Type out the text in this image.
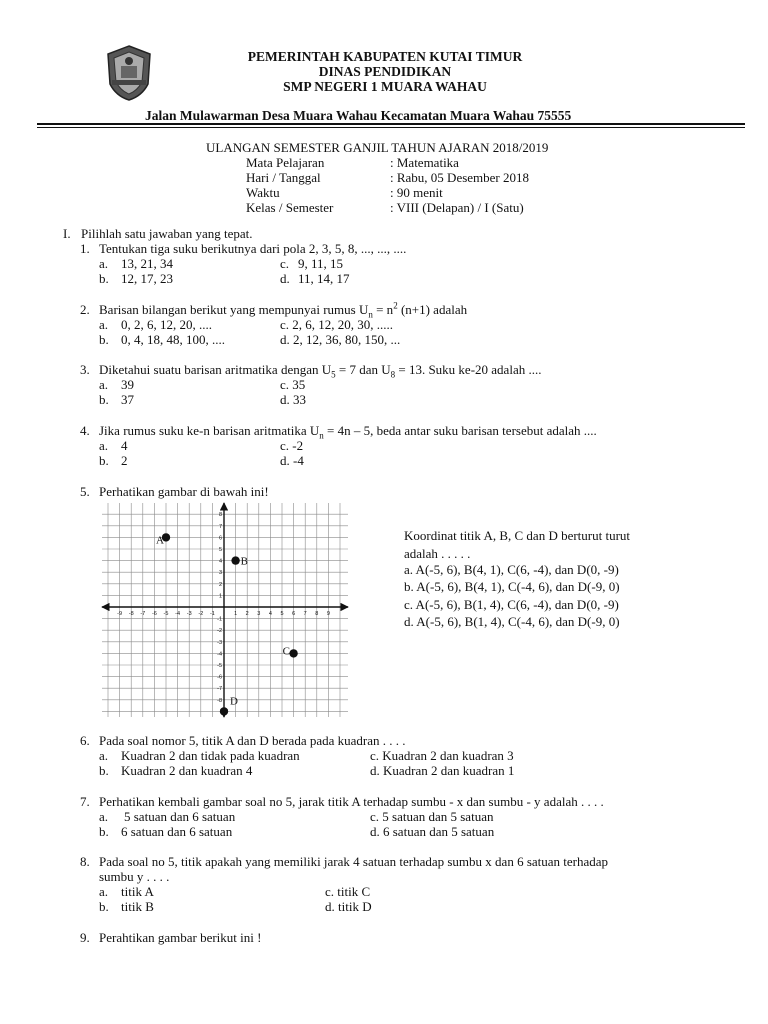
PEMERINTAH KABUPATEN KUTAI TIMUR
DINAS PENDIDIKAN
SMP NEGERI 1 MUARA WAHAU
Jalan Mulawarman Desa Muara Wahau Kecamatan Muara Wahau 75555
ULANGAN SEMESTER GANJIL TAHUN AJARAN 2018/2019
Mata Pelajaran	: Matematika
Hari / Tanggal	: Rabu, 05 Desember 2018
Waktu	: 90 menit
Kelas / Semester	: VIII (Delapan) / I (Satu)
I. Pilihlah satu jawaban yang tepat.
1. Tentukan tiga suku berikutnya dari pola 2, 3, 5, 8, ..., ..., ....
a. 13, 21, 34	c. 9, 11, 15
b. 12, 17, 23	d. 11, 14, 17
2. Barisan bilangan berikut yang mempunyai rumus $U_n = n^2$ (n+1) adalah
a. 0, 2, 6, 12, 20, ....	c. 2, 6, 12, 20, 30, .....
b. 0, 4, 18, 48, 100, ....	d. 2, 12, 36, 80, 150, ...
3. Diketahui suatu barisan aritmatika dengan $U_5 = 7$ dan $U_8 = 13$. Suku ke-20 adalah ....
a. 39	c. 35
b. 37	d. 33
4. Jika rumus suku ke-n barisan aritmatika $U_n = 4n - 5$, beda antar suku barisan tersebut adalah ....
a. 4	c. -2
b. 2	d. -4
5. Perhatikan gambar di bawah ini!
-9 -8 -7 -6 -5 -4 -3 -2 -1	1 2 3 4 5 6 7 8 9
8
7
6
5
4
3
2
1
-1
-2
-3
-4
-5
-6
-7
-8
A
B
C
D
Koordinat titik A, B, C dan D berturut turut
adalah . . . . .
a. A(-5, 6), B(4, 1), C(6, -4), dan D(0, -9)
b. A(-5, 6), B(4, 1), C(-4, 6), dan D(-9, 0)
c. A(-5, 6), B(1, 4), C(6, -4), dan D(0, -9)
d. A(-5, 6), B(1, 4), C(-4, 6), dan D(-9, 0)
6. Pada soal nomor 5, titik A dan D berada pada kuadran . . . .
a. Kuadran 2 dan tidak pada kuadran	c. Kuadran 2 dan kuadran 3
b. Kuadran 2 dan kuadran 4	d. Kuadran 2 dan kuadran 1
7. Perhatikan kembali gambar soal no 5, jarak titik A terhadap sumbu - x dan sumbu - y adalah . . . .
a. 5 satuan dan 6 satuan	c. 5 satuan dan 5 satuan
b. 6 satuan dan 6 satuan	d. 6 satuan dan 5 satuan
8. Pada soal no 5, titik apakah yang memiliki jarak 4 satuan terhadap sumbu x dan 6 satuan terhadap
sumbu y . . . .
a. titik A	c. titik C
b. titik B	d. titik D
9. Perahtikan gambar berikut ini !
